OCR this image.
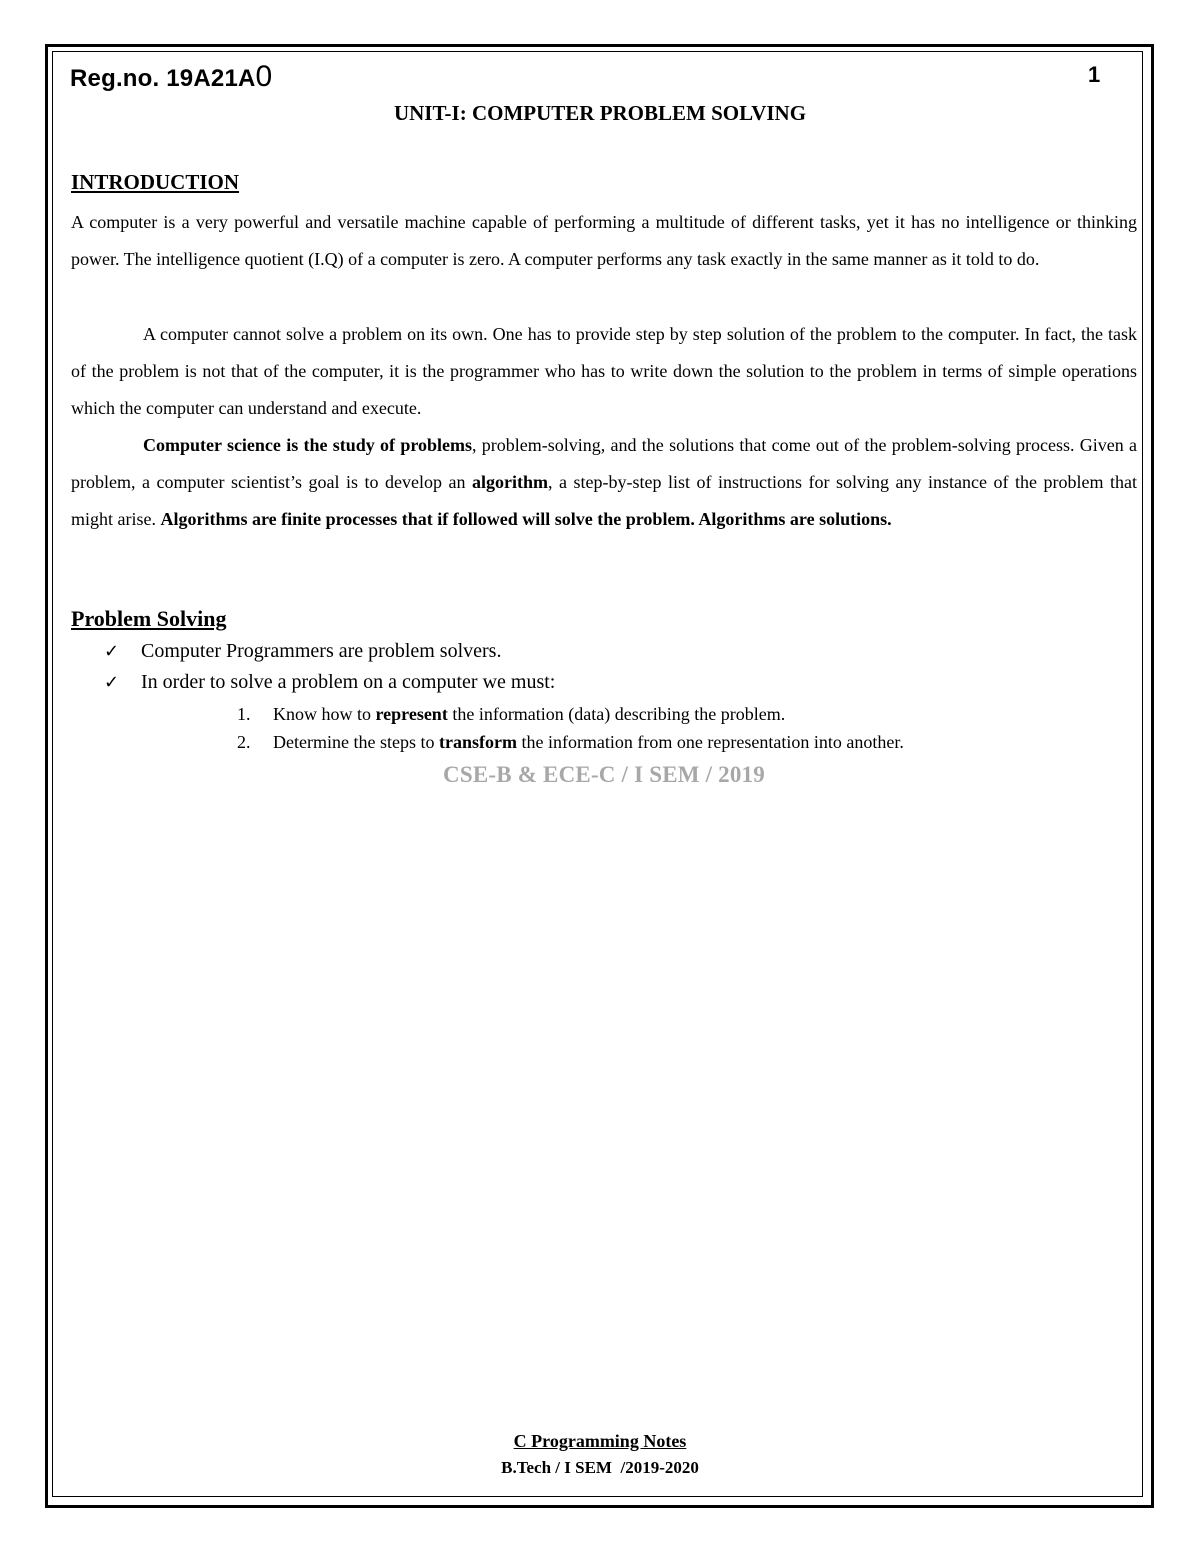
Reg.no. 19A21A0	1
UNIT-I: COMPUTER PROBLEM SOLVING
INTRODUCTION
A computer is a very powerful and versatile machine capable of performing a multitude of different tasks, yet it has no intelligence or thinking power. The intelligence quotient (I.Q) of a computer is zero. A computer performs any task exactly in the same manner as it told to do.
A computer cannot solve a problem on its own. One has to provide step by step solution of the problem to the computer. In fact, the task of the problem is not that of the computer, it is the programmer who has to write down the solution to the problem in terms of simple operations which the computer can understand and execute.
Computer science is the study of problems, problem-solving, and the solutions that come out of the problem-solving process. Given a problem, a computer scientist’s goal is to develop an algorithm, a step-by-step list of instructions for solving any instance of the problem that might arise. Algorithms are finite processes that if followed will solve the problem. Algorithms are solutions.
Problem Solving
✓	Computer Programmers are problem solvers.
✓	In order to solve a problem on a computer we must:
1.	Know how to represent the information (data) describing the problem.
2.	Determine the steps to transform the information from one representation into another.
CSE-B & ECE-C / I SEM / 2019
C Programming Notes
B.Tech / I SEM  /2019-2020
